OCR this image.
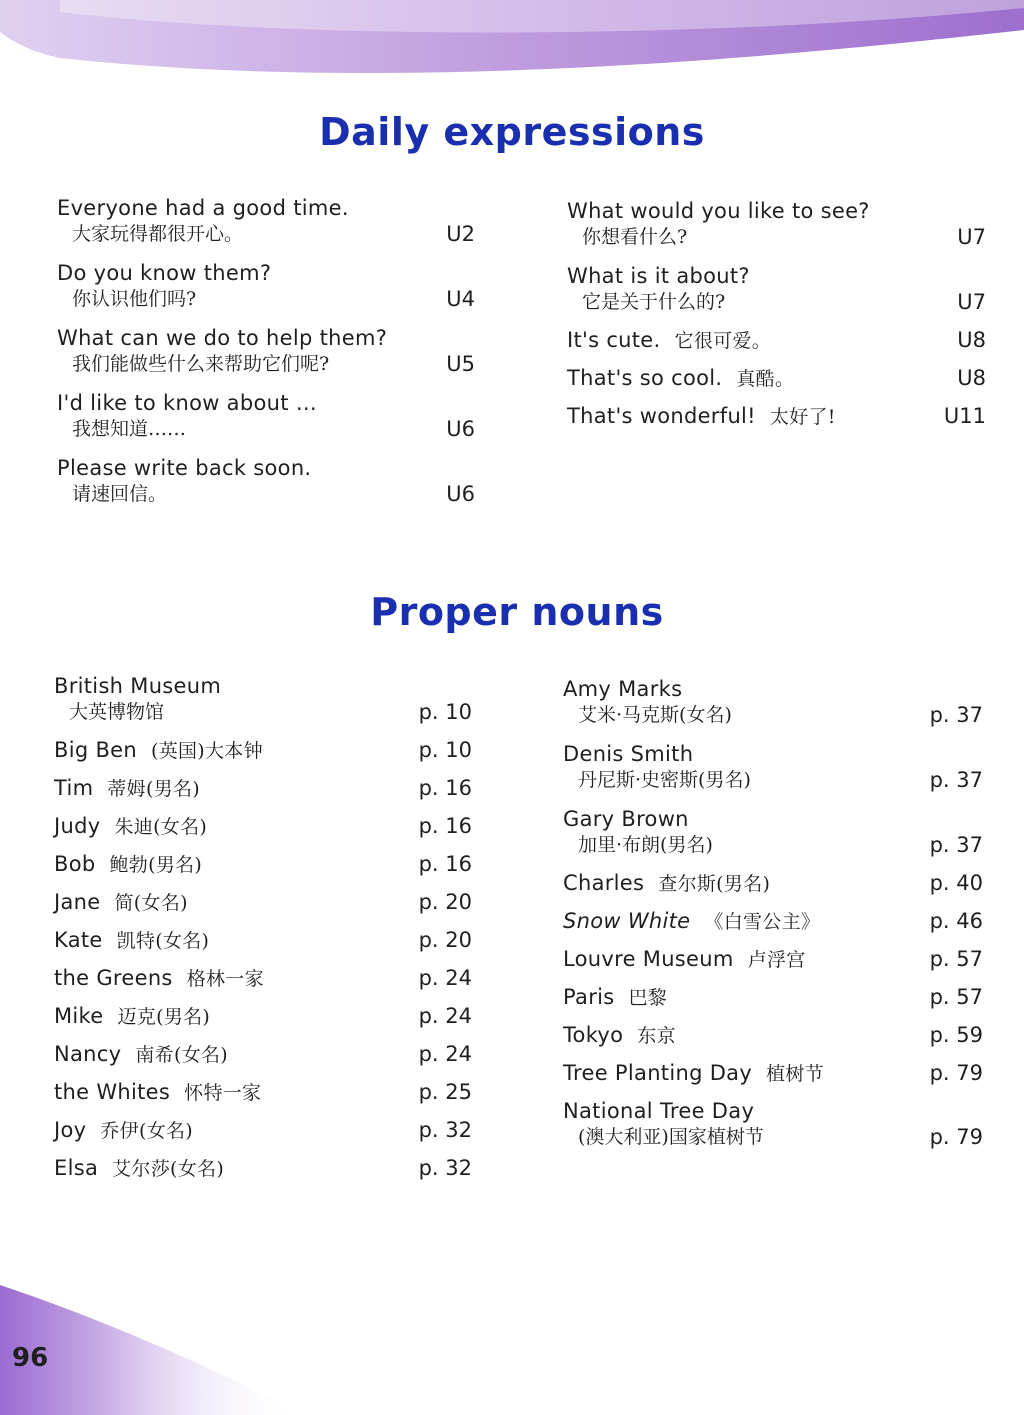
Daily expressions
Everyone had a good time.
大家玩得都很开心。	U2
Do you know them?
你认识他们吗?	U4
What can we do to help them?
我们能做些什么来帮助它们呢?	U5
I'd like to know about …
我想知道……	U6
Please write back soon.
请速回信。	U6
What would you like to see?
你想看什么?	U7
What is it about?
它是关于什么的?	U7
It's cute. 它很可爱。	U8
That's so cool. 真酷。	U8
That's wonderful! 太好了!	U11
Proper nouns
British Museum
大英博物馆	p. 10
Big Ben (英国)大本钟	p. 10
Tim 蒂姆(男名)	p. 16
Judy 朱迪(女名)	p. 16
Bob 鲍勃(男名)	p. 16
Jane 简(女名)	p. 20
Kate 凯特(女名)	p. 20
the Greens 格林一家	p. 24
Mike 迈克(男名)	p. 24
Nancy 南希(女名)	p. 24
the Whites 怀特一家	p. 25
Joy 乔伊(女名)	p. 32
Elsa 艾尔莎(女名)	p. 32
Amy Marks
艾米·马克斯(女名)	p. 37
Denis Smith
丹尼斯·史密斯(男名)	p. 37
Gary Brown
加里·布朗(男名)	p. 37
Charles 查尔斯(男名)	p. 40
Snow White 《白雪公主》	p. 46
Louvre Museum 卢浮宫	p. 57
Paris 巴黎	p. 57
Tokyo 东京	p. 59
Tree Planting Day 植树节	p. 79
National Tree Day
(澳大利亚)国家植树节	p. 79
96
